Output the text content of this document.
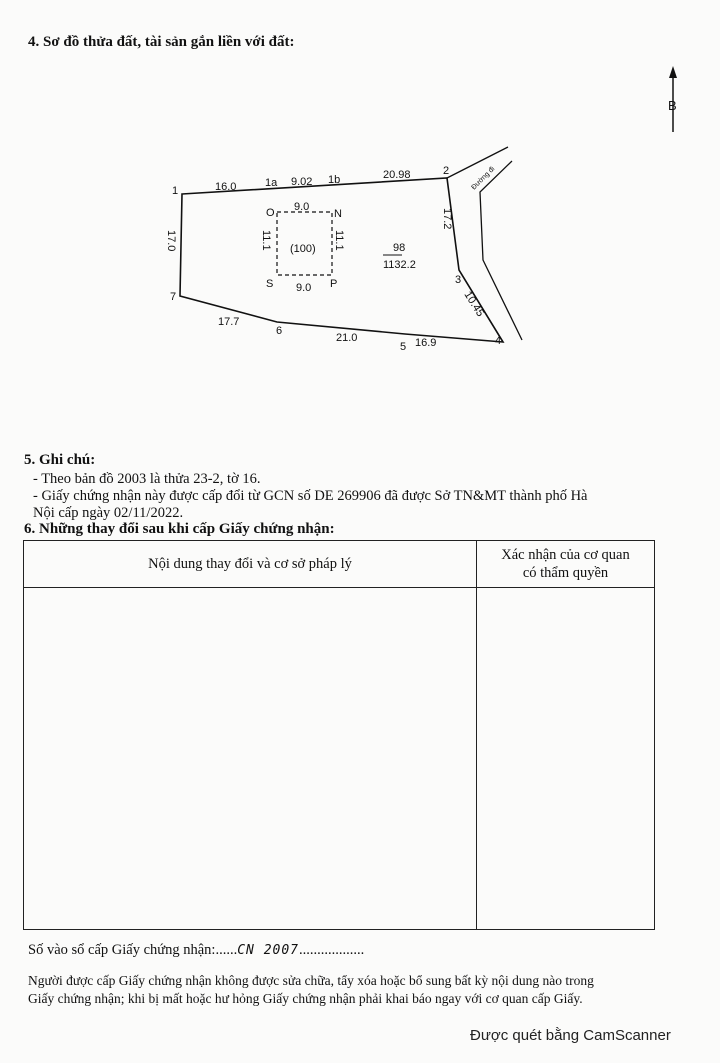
4. Sơ đồ thửa đất, tài sản gắn liền với đất:
B
Đường đi
1
1a	1b
2
3
4
5
6
7
16.0	9.02
20.98
17.2
10.45
16.9
21.0
17.7
17.0	98
1132.2
O	N
S	P
9.0
9.0
11.1	11.1
(100)
5. Ghi chú:
- Theo bản đồ 2003 là thửa 23-2, tờ 16.
- Giấy chứng nhận này được cấp đổi từ GCN số DE 269906 đã được Sở TN&MT thành phố Hà
Nội cấp ngày 02/11/2022.
6. Những thay đổi sau khi cấp Giấy chứng nhận:
Nội dung thay đổi và cơ sở pháp lý	Xác nhận của cơ quan
có thẩm quyền

Số vào sổ cấp Giấy chứng nhận:......CN 2007..................
Người được cấp Giấy chứng nhận không được sửa chữa, tẩy xóa hoặc bổ sung bất kỳ nội dung nào trong
Giấy chứng nhận; khi bị mất hoặc hư hỏng Giấy chứng nhận phải khai báo ngay với cơ quan cấp Giấy.
Được quét bằng CamScanner
